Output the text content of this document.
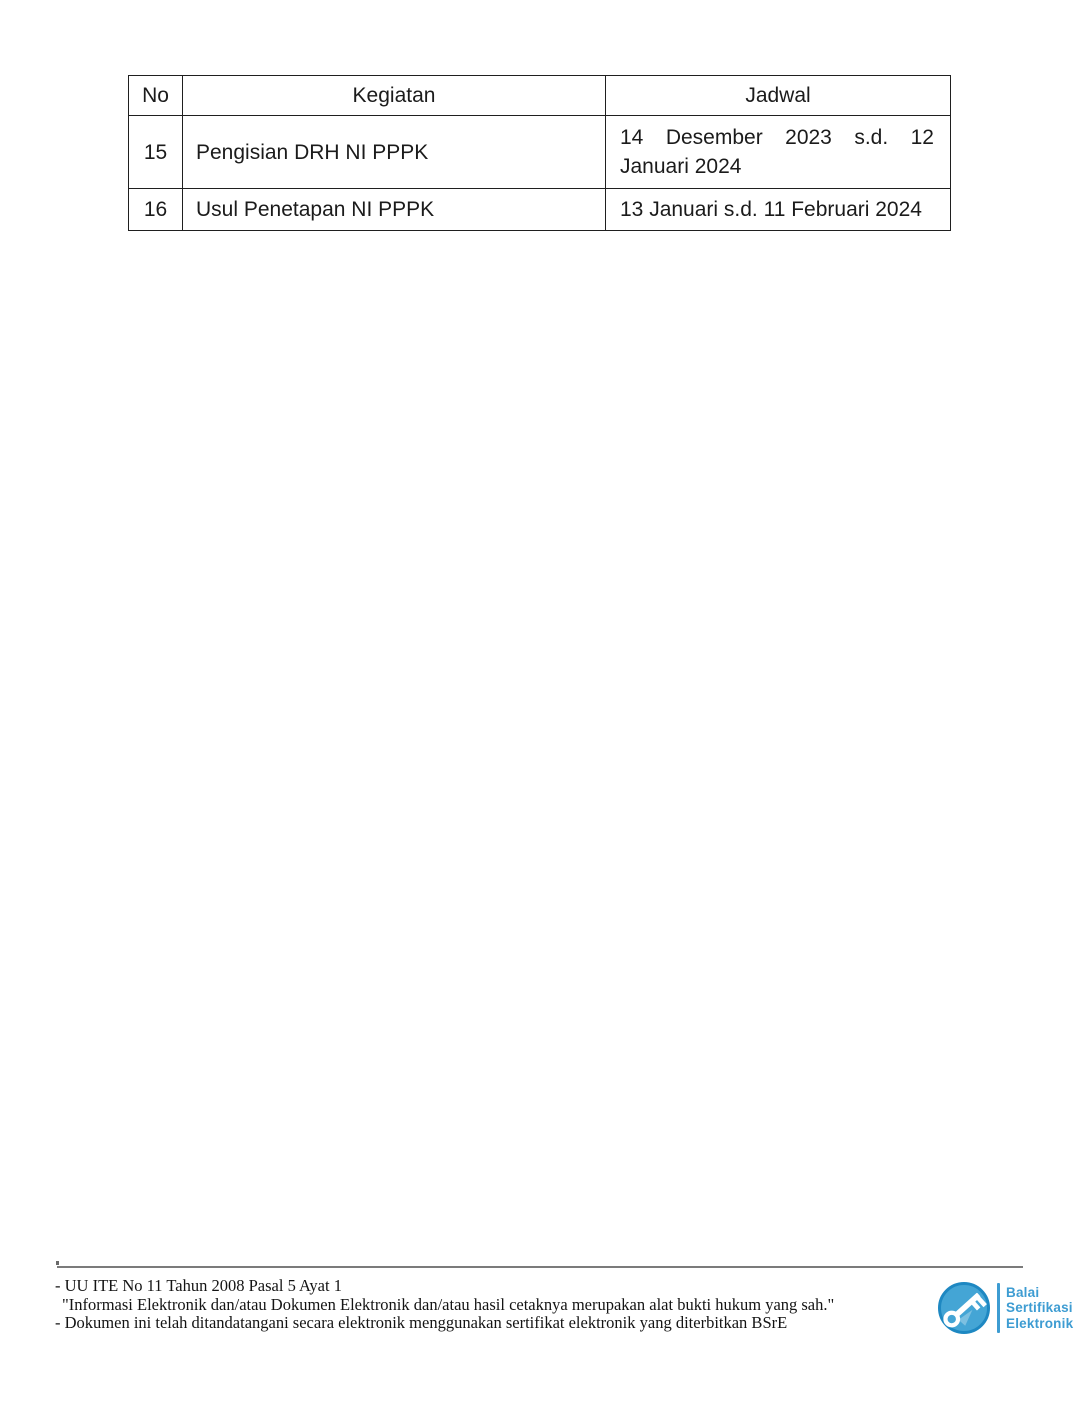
No	Kegiatan	Jadwal
15	Pengisian DRH NI PPPK	14 Desember 2023 s.d. 12 Januari 2024
16	Usul Penetapan NI PPPK	13 Januari s.d. 11 Februari 2024
- UU ITE No 11 Tahun 2008 Pasal 5 Ayat 1
"Informasi Elektronik dan/atau Dokumen Elektronik dan/atau hasil cetaknya merupakan alat bukti hukum yang sah."
- Dokumen ini telah ditandatangani secara elektronik menggunakan sertifikat elektronik yang diterbitkan BSrE
Balai
Sertifikasi
Elektronik
